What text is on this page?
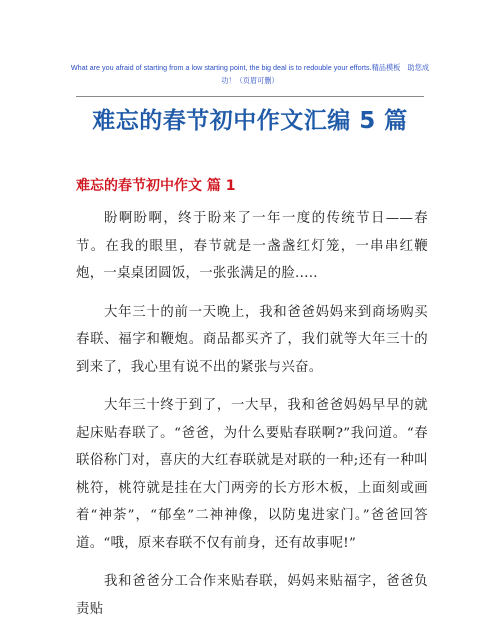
What are you afraid of starting from a low starting point, the big deal is to redouble your efforts.精品模板　助您成功！（页眉可删）
难忘的春节初中作文汇编 5 篇
难忘的春节初中作文 篇 1

盼啊盼啊，终于盼来了一年一度的传统节日——春节。在我的眼里，春节就是一盏盏红灯笼，一串串红鞭炮，一桌桌团圆饭，一张张满足的脸.....

大年三十的前一天晚上，我和爸爸妈妈来到商场购买春联、福字和鞭炮。商品都买齐了，我们就等大年三十的到来了，我心里有说不出的紧张与兴奋。

大年三十终于到了，一大早，我和爸爸妈妈早早的就起床贴春联了。“爸爸，为什么要贴春联啊?”我问道。“春联俗称门对，喜庆的大红春联就是对联的一种;还有一种叫桃符，桃符就是挂在大门两旁的长方形木板，上面刻或画着“神荼”，“郁垒”二神神像，以防鬼进家门。”爸爸回答道。“哦，原来春联不仅有前身，还有故事呢!”

我和爸爸分工合作来贴春联，妈妈来贴福字，爸爸负责贴
